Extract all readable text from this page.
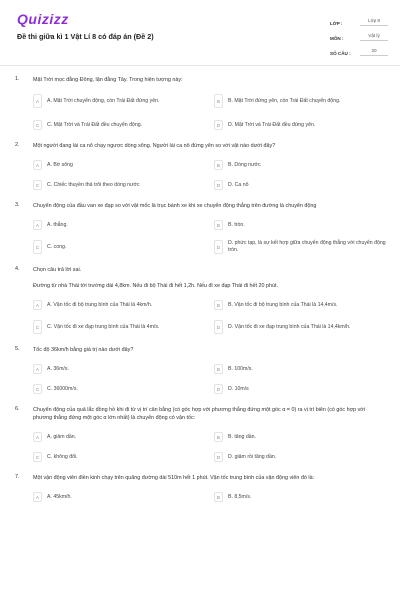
Quizizz
Đề thi giữa kì 1 Vật Lí 8 có đáp án (Đề 2)
LỚP :
Lớp 8
MÔN :
Vật lý
SỐ CÂU :
20
1.	Mặt Trời mọc đằng Đông, lặn đằng Tây. Trong hiện tượng này:
A	A. Mặt Trời chuyển động, còn Trái Đất đứng yên.	B	B. Mặt Trời đứng yên, còn Trái Đất chuyển động.
C	C. Mặt Trời và Trái Đất đều chuyển động.	D	D. Mặt Trời và Trái Đất đều đứng yên.
2.	Một người đang lái ca nô chạy ngược dòng sông. Người lái ca nô đứng yên so với vật nào dưới đây?
A	A. Bờ sông	B	B. Dòng nước
C	C. Chiếc thuyền thả trôi theo dòng nước	D	D. Ca nô
3.	Chuyển động của đầu van xe đạp so với vật mốc là trục bánh xe khi xe chuyển động thẳng trên đường là chuyển động
A	A. thẳng.	B	B. tròn.
C	C. cong.	D
D. phức tạp, là sự kết hợp giữa chuyển động thẳng với chuyển động tròn.
4.	Chọn câu trả lời sai.
Đường từ nhà Thái tới trường dài 4,8km. Nếu đi bộ Thái đi hết 1,2h. Nếu đi xe đạp Thái đi hết 20 phút.
A	A. Vận tốc đi bộ trung bình của Thái là 4km/h.	B	B. Vận tốc đi bộ trung bình của Thái là 14,4m/s.
C	C. Vận tốc đi xe đạp trung bình của Thái là 4m/s.	D	D. Vận tốc đi xe đạp trung bình của Thái là 14,4km/h.
5.	Tốc độ 36km/h bằng giá trị nào dưới đây?
A	A. 36m/s.	B	B. 100m/s.
C	C. 36000m/s.	D	D. 10m/s
6.	Chuyển động của quả lắc đồng hồ khi đi từ vị trí cân bằng (có góc hợp với phương thẳng đứng một góc α = 0) ra vị trí biên (có góc hợp với phương thẳng đứng một góc α lớn nhất) là chuyển động có vận tốc:
A	A. giảm dần.	B	B. tăng dần.
C	C. không đổi.	D	D. giảm rồi tăng dần.
7.	Một vận động viên điền kinh chạy trên quãng đường dài 510m hết 1 phút. Vận tốc trung bình của vận động viên đó là:
A	A. 45km/h.	B	B. 8,5m/s.
